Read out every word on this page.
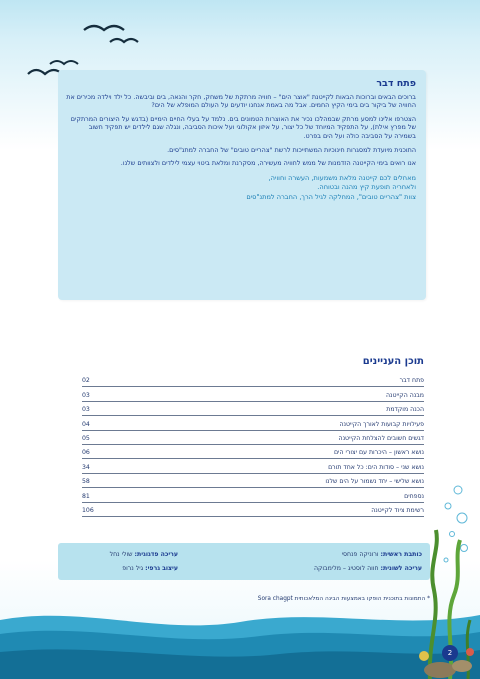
פתח דבר

ברוכים הבאים וברוכות הבאות לקייטנת "אוצר הים" – חוויה מרתקת של משחק, חקר והנאה, בים וביבשה. כל ילד וילדה מכירים את החוויה של ביקור בים בימי הקיץ החמים. אבל מה באמת אנחנו יודעים על העולם המופלא של הים?

הצטרפו אלינו למסע מרתק שבמהלכו נכיר את האוצרות הטמונים בים. נלמד על בעלי החיים הימיים (בדגש על היצורים המרתקים של מפרץ אילת), על התפקיד המיוחד של כל יצור, על איזון אקולוגי ועל איכות הסביבה, ונגלה שגם לילדים יש תפקיד חשוב בשמירה על הסביבה כולה ועל הים בפרט.

התוכנית מיועדת למסגרות חינוכיות המשתייכות לרשת "צהריים טובים" של החברה למתנ"סים.

אנו רואים בימי הקייטנה הזדמנות של ממש לחוויה מעשירה, מסקרנת ומלאת ביטוי עצמי לילדים ולצוותים שלנו.

מאחלים לכם קייטנה מלאת משמעות, העשרה וחוויה,
ולאחריה תופעת קיץ מהנה ובטוחה.
צוות "צהריים טובים", המחלקה לגיל הרך, החברה למתנ"סים
תוכן העניינים
פתח דבר
02
מבנה הקייטנה
03
הכנה מוקדמת
03
פעילויות קבועות לאורך הקייטנה
04
דגשים חשובים להצלחת הקייטנה
05
נושא ראשון – היכרות עם יצורי הים
06
נושא שני – סודות הים: כל אחד תורם
34
נושא שלישי – יחד נשמור על הים שלנו
58
נספחים
81
רשימת ציוד לקייטנה
106
כותבת ראשית: ורוניקה פנחסי
עריכה לשונית: חווה לוסטיג – מלימבוקה
עריכה פדגוגית: שולי נחל
עיצוב גרפי: גיל נרופ
* התמונות בתוכנית הופקו באמצעות הבינה המלאכותית Sora chagpt
2
